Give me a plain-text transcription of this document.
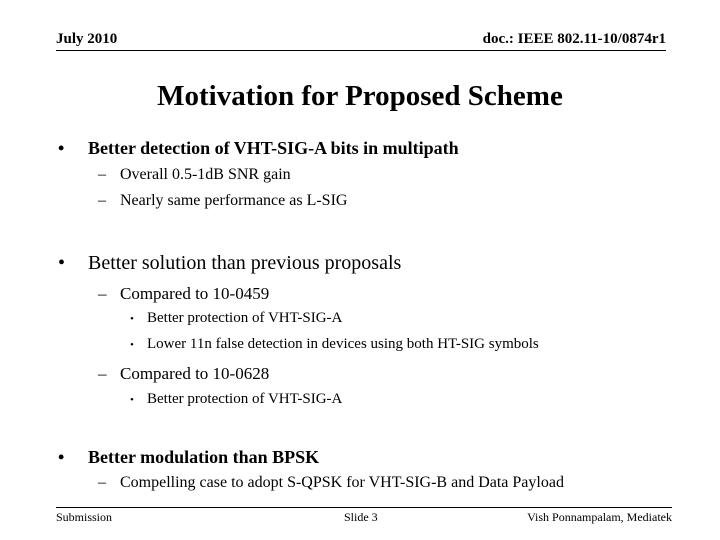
July 2010	doc.: IEEE 802.11-10/0874r1
Motivation for Proposed Scheme
• Better detection of VHT-SIG-A bits in multipath
– Overall 0.5-1dB SNR gain
– Nearly same performance as L-SIG
• Better solution than previous proposals
– Compared to 10-0459
• Better protection of VHT-SIG-A
• Lower 11n false detection in devices using both HT-SIG symbols
– Compared to 10-0628
• Better protection of VHT-SIG-A
• Better modulation than BPSK
– Compelling case to adopt S-QPSK for VHT-SIG-B and Data Payload
Submission	Slide 3	Vish Ponnampalam, Mediatek
